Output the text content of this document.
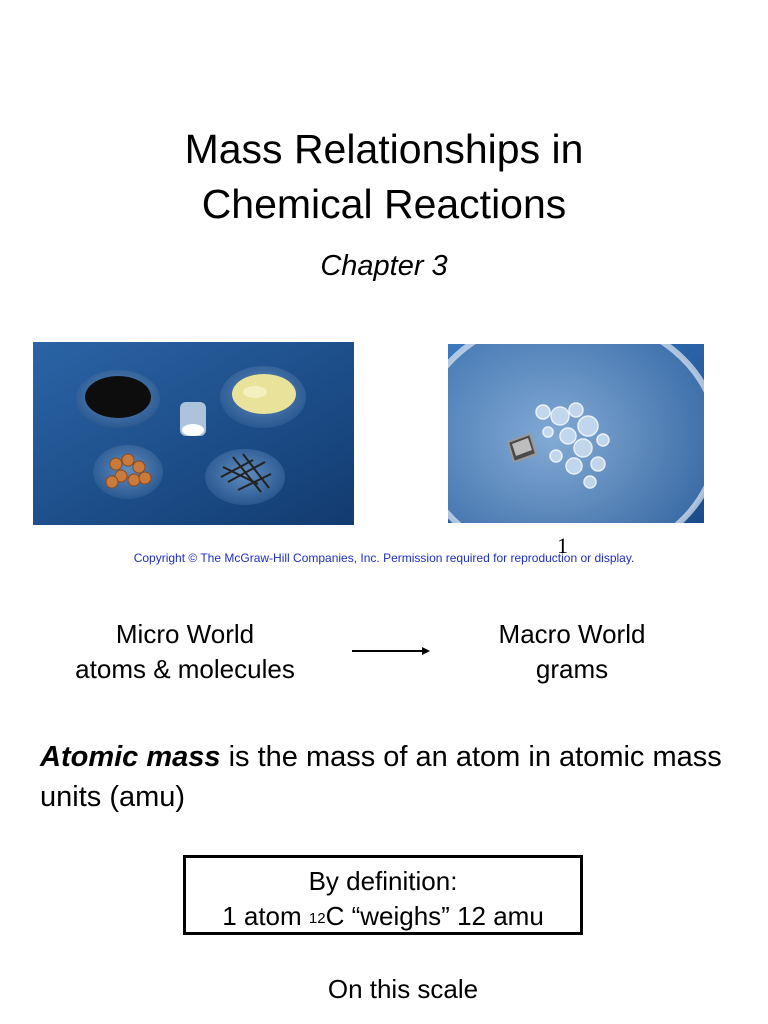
Mass Relationships in
Chemical Reactions
Chapter 3
1
Copyright © The McGraw-Hill Companies, Inc. Permission required for reproduction or display.
Micro World
atoms & molecules
Macro World
grams
Atomic mass is the mass of an atom in atomic mass units (amu)
By definition:
1 atom $^{12}$C “weighs” 12 amu
On this scale
